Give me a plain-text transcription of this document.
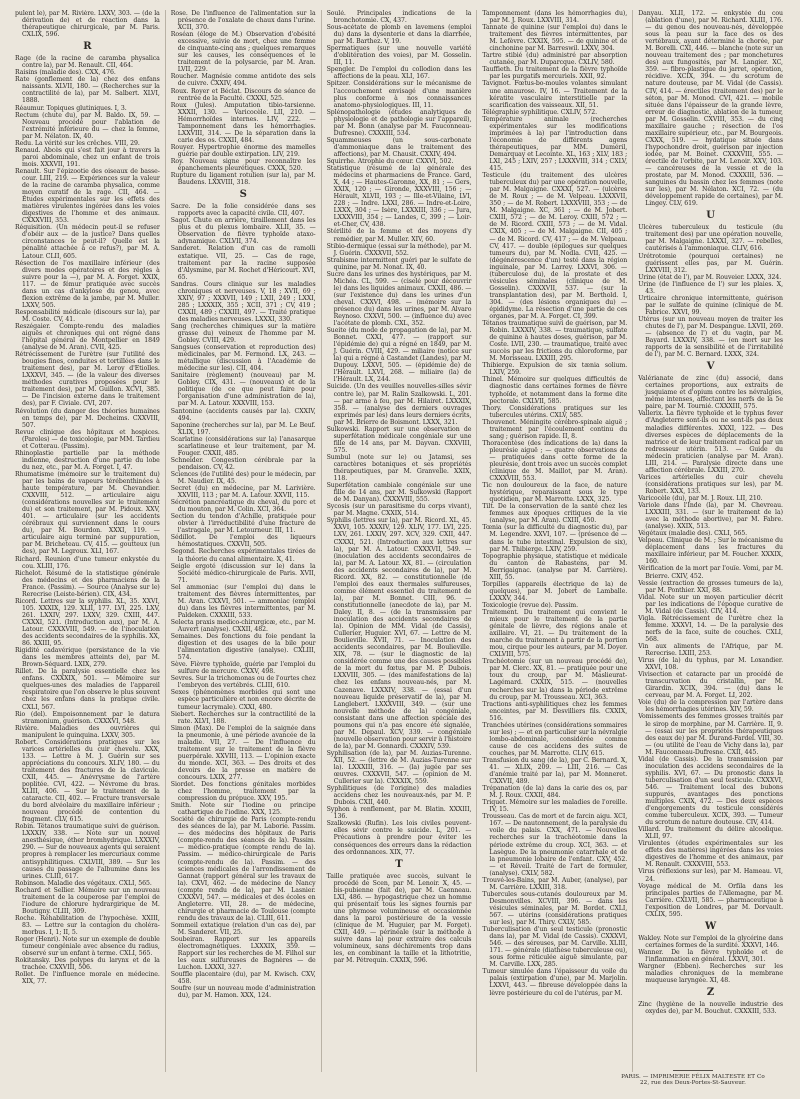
pulent le), par M. Rivière. LXXV, 303. — (de la dérivation de) et de réaction dans la thérapeutique chirurgicale, par M. Paris. CXLIX, 596.

R

Rage (de la racine de caramba physalica contre la), par M. Renault. CII, 464.

Raisins (maladie des). CXX, 476.

Rate (gonflement de la) chez des enfans naissants. XLVII, 180. — (Recherches sur la contractilité de la), par M. Salbert. XLVI, 1888.

Réaumur. Topiques glutiniques. I, 3.

Rectum (chute du), par M. Baldo. IX, 59. — Nouveau procédé pour l'ablation de l'extrémité inférieure du — chez la femme, par M. Nélaton. IX, 40.

Redu. La vérité sur les crêches. VIII, 29.

Renaud. Abcès qui s'est fait jour à travers la paroi abdominale, chez un enfant de trois mois. XXXVII, 191.

Renault. Sur l'épizootie des oiseaux de basse-cour. LIII, 219. — Expériences sur la valeur de la racine de caramba physalica, comme moyen curatif de la rage. CII, 464. — Études expérimentales sur les effets des matières virulentes ingérées dans les voies digestives de l'homme et des animaux. CXXXVIII, 353.

Réquisition. (Un médecin peut-il se refuser d'obéir aux — de la justice? Dans quelles circonstances le peut-il? Quelle est la pénalité attachée à ce refus?), par M. A. Latour. CLII, 605.

Résection de l'os maxillaire inférieur (des divers modes opératoires et des régles à suivre pour la —), par M. A. Forget. XXIX, 117. — de fémur pratiquée avec succès dans un cas d'ankylose du genou, avec flexion extrême de la jambe, par M. Muller. LXXV, 505.

Responsabilité médicale (discours sur la), par M. Coste. CV, 41.

Reszégaier. Compte-rendu des maladies aiguës et chroniques qui ont régné dans l'hôpital général de Montpellier en 1849 (analyse de M. Aran). CVII, 425.

Rétrécissement de l'urètre (sur l'utilité des bougies fines, conduites et tortillées dans le traitement des), par M. Leroy d'Etiolles. LXXXVI, 345. — (de la valeur des diverses méthodes curatives proposées pour le traitement des), par M. Guillon. XCVI, 385. — De l'incision externe dans le traitement des), par F. Civiale. CVI, 207.

Révolution (du danger des théories humaines en temps de), par M. Decheims. CXXVIII, 507.

Revue clinique des hôpitaux et hospices. (Paroles) — de toxicologie, par MM. Tardieu et Cotterau. (Passim).

Rhinoplastie partielle par la méthode indienne, destruction d'une partie du lobe du nez, etc., par M. A. Forget. I, 47.

Rhumatisme (mémoire sur le traitement du) par les bains de vapeurs térébenthinées à haute température, par M. Chevandier. CXXVIII, 512. — articulaire aigu (considérations nouvelles sur le traitement du) et son traitement, par M. Pidoux. XXV, 401. — articulaire (sur les accidents cérébraux qui surviennent dans le cours du), par M. Bourdon. XXXI, 119. — articulaire aigu terminé par suppuration, par M. Bricheteau. CV, 415. — goutteux (un des), par M. Legroux. XLI, 167.

Richard. Reunion d'une tumeur enkystée du cou. XLIII, 176.

Richelot. Résumé de la statistique générale des médecins et des pharmaciens de la France. (Passim). — Source (Analyse sur le) Rerecrise (Leiste-bérien). CIX, 434.

Ricord. Lettres sur la syphilis. XL, 35. XXVI, 105. XXXIX, 129. XLII, 177. LVI, 225. LXV, 261. LXXIV, 297. LXXV, 329. CXIII, 447. CXXXI, 521. (Introduction aux), par M. A. Latour. CXXXVIII, 549. — de l'inoculation des accidents secondaires de la syphilis. XX, 86. XXIII, 95.

Rigidité cadavérique (persistance de la vie dans les membres atteints de), par M. Brown-Séquard. LXIX, 279.

Rillet. De la paralysie essentielle chez les enfans. CXXXIX, 501. — Mémoire sur quelques-unes des maladies de l'appareil respiratoire que l'on observe le plus souvent chez les enfans dans la pratique civile. CXLI, 567.

Rio (del). Empoisonnement par le datura stramonium, guérison. CXXXVI, 548.

Rivière. Maladies des ouvrières qui manipulent le quinquina. LXXV, 305.

Robert. Considérations pratiques sur les varices artérielles du cuir chevelu. XXX, 133. — Lettre à M. J. Guérin sur ses appréciations du concours. XLIV, 180. — du traitement des fractures de la clavicule. CXII, 445. — Anévrysme de l'artère poplitée. CVI, 422. — Névrome du bras. XLIII, 406. — Sur le traitement de la cataracte. CII, 402. — Fracture transversale du bord alvéolaire du maxillaire inférieur ; nouveau procédé de contention du fragment. CLV, 615.

Robin. Tétanos traumatique suivi de guérison. LXXXIV, 338. — Note sur un nouvel anesthésique, éther bromhydrique. LXXXIV, 290. — Sur de nouveaux agents qui seraient propres à remplacer les mercuriaux comme antisyphilitiques. CXLVIII, 389. — Sur les causes du passage de l'albumine dans les urines. CLIII, 617.

Robinson. Maladie des végétaux. CXLI, 565.

Rochard et Sellier. Mémoire sur un nouveau traitement de la couperose par l'emploi de l'iodure de chlorure hydrargirique de M. Boutigny. CLIII, 309.

Roche. Réhabilitation de l'hypochèse. XXIII, 83. — Lettre sur la contagion du choléra-morbus. I, 1; II, 5.

Roger (Henri). Note sur un exemple de double tumeur congéniale avec absence du radius, observé sur un enfant à terme. CXLI, 565.

Rokitansky. Des polypes du larynx et de la trachée. CXXVIII, 506.

Rollet. De l'influence morale en médecine. XIX, 77.

Rose. De l'influence de l'alimentation sur la présence de l'oxalate de chaux dans l'urine. XCII, 370.

Roséan (éloge de M.) Observation d'obésité excessive, suivie de mort, chez une femme de cinquante-cinq ans ; quelques remarques sur les causes, les conséquences et le traitement de la polysarcie, par M. Aran. LVII, 229.

Roucher. Magnésie comme antidote des sels de cuivre. CXXIV, 494.

Roux. Royer et Béclat. Discours de séance de rentrée de la Faculté. CXXXI, 525.

Roux (Jules). Amputation tibio-tarsienne. XXXII, 130. — Varicocèle. LII, 210. — Hémorrhoïdes internes. LIV, 222. — Tamponnement dans les hémorrhagies. LXXVIII, 314. — De la séparation dans la carie des os. CXXII, 484.

Rouyer. Hypertrophie énorme des mamelles guérie par double extirpation. LIV, 219.

Roy. Nouveau signe pour reconnaître les épanchements pleurétiques. CXXX, 520.

Rupture du ligament rotulien (sur la), par M. Baudens. LXXVIII, 318.

S

Sacre. De la folie considérée dans ses rapports avec la capacité civile. CII, 407.

Sagot. Chute en arrière, tiraillement dans les plus et du plexus lombaire. XLII, 35. — Observation de fièvre typhoïde ataxo-adynamique. CXLVII, 374.

Sanderet. Relation d'un cas de ramolli extatique. VII, 25. — Cas de rage, traitement par la racine supposée d'Alysmine, par M. Rochet d'Héricourt. XVI, 65.

Sandras. Cours clinique sur les maladies chroniques et nerveuses. V, 18 ; XVII, 69 ; XXIV, 97 ; XXXVII, 149 ; LXII, 249 ; LXXI, 285 ; LXXXIX, 355 ; XCII, 371 ; CV, 419 ; CXXII, 489 ; CXXIII, 497. — Traité pratique des maladies nerveuses. LXXXI, 330.

Sang (recherches chimiques sur la matière grasse du) veineux de l'homme par M. Gobley. CVIII, 429.

Sangsues (conservation et reproduction des) médicinales, par M. Fermond. LX, 243. — métallique (discussion à l'Académie de médecine sur les). CII, 404.

Sanitaire (règlement) (nouveau) par M. Gobley. CIX, 431. — (nouveaux) et de la politique (de ce que peut faire pour l'organisation d'une administration de la), par M. A. Latour. XXXVIII, 153.

Santonine (accidents causés par la). CXXIV, 494.

Saponine (recherches sur la), par M. Le Beuf. XLIX, 197.

Scarlatine (considérations sur la) l'anasarque scarlatineuse et leur traitement, par M. Fouger. CXXII, 485.

Schneider. Congestion cérébrale par la pendaison. CV, 42.

Sciences (de l'utilité des) pour le médecin, par M. Naudier. IX, 45.

Secret (du) en médecine, par M. Larivière. XXVIII, 113 ; par M. A. Latour. XXVII, 115.

Sécrétion pancréatique du cheval, du porc et du mouton, par M. Colin. XCI, 364.

Section du tendon d'Achille, pratiquée pour obvier à l'irréductibilité d'une fracture de l'astragale, par M. Letourneur. III, 11.

Sédillot. De l'emploi des liqueurs hémostatiques. CXXVII, 505.

Segond. Recherches expérimentales tirées de la théorie du canal alimentaire. X, 41.

Seigle ergoté (discussion sur le) dans la Société médico-chirurgicale de Paris. XVII, 71.

Sel ammoniac (sur l'emploi du) dans le traitement des fièvres intermittentes, par M. Aran. CXXVI, 501. — ammoniac (emploi du) dans les fièvres intermittentes, par M. Paldeken. CXXXIII, 533.

Selecta praxis medico-chirurgicæ, etc., par M. Auvert (analyse). CXXII, 482.

Semaines. Des fonctions du foie pendant la digestion et des usages de la bile pour l'alimentation digestive (analyse). CXLIII, 574.

Sève. Fièvre typhoïde, guérie par l'emploi du sulfure de mercure. CXXV, 498.

Sevres. Sur la trichomonas ou de l'ourtes chez l'embryon des vertébrés. CLIII, 610.

Sexes (phénomènes morbides qui sont une espèce particulière et non encore décrite de tumeur lacrymale). CXXI, 480.

Siebert. Recherches sur la contractilité de la rate. XLVI, 188.

Simon (Max). De l'emploi de la saignée dans la pneumonie, à une période avancée de la maladie. VII, 27. — De l'influence du traitement sur le traitement de la fièvre puerpérale. XXVIII, 113. — L'opinion exacte du monde. XCI, 363. — Des droits et des devoirs de la presse en matière de concours. LXIX, 277.

Siordet. Des fonctions génitales morbides chez l'homme, traitement par la compression du prépuce. XXV, 195.

Smith. Note sur l'iodine ou principe cathartique de l'iodine. XXX, 125.

Société de chirurgie de Paris (compte-rendu des séances de la), par M. Laborie. Passim. — des médecins des hôpitaux de Paris (compte-rendu des séances de la). Passim. — médico-pratique (compte rendu de la). Passim. — médico-chirurgicale de Paris (compte-rendu de la). Passim. — des sciences médicales de l'arrondissement de Gannat (rapport général sur les travaux de la). CXVI, 462. — de médecine de Nancy (compte rendu de la), par M. Lasnier. CXXXVI, 547. — médicales et des écoles en Angleterre. VII, 28. — de médecine, chirurgie et pharmacie de Toulouse (compte rendu des travaux de la). CLIII, 611.

Sommeil extatique (relation d'un cas de), par M. Sanderet. VII, 25.

Soubeiran. Rapport sur les appareils électromagnétiques. LXXXIX, 359. — Rapport sur les recherches de M. Filhol sur les eaux sulfureuses de Bagnères — de Luchon. LXXXI, 327.

Souffle placentaire (du), par M. Kwisch. CXV, 458.

Soufre (sur un nouveau mode d'administration du), par M. Hamon. XXX, 124.

Soulé. Principales indications de la bronchotomie. CX, 437.

Sous-acétate de plomb en lavemens (emploi du) dans la dysenterie et dans la diarrhée, par M. Barthez. V, 19.

Spermatiques (sur une nouvelle variété d'oblitération des voies), par M. Gosselin. III, 11.

Spengler. De l'emploi du collodion dans les affections de la peau. XLI, 167.

Spitzer. Considérations sur le mécanisme de l'accouchement envisagé d'une manière plus conforme à nos connaissances anatomo-physiologiques. III, 11.

Splénopathologie (études analytiques de physiologie et de pathologie sur l'appareil), par M. Bonn (analyse par M. Fauconneau-Dufresne). CXXXIII, 534.

Squammeuses (un sous-carbonate d'ammoniaque dans le traitement des affections), par M. Chausit. CXXIV, 494.

Squirrhe. Atrophie du cœur. CXXVI, 502.

Statistique (résumé de la) générale des médecins et pharmaciens de France. Gard, X, 44 ; — Hautes-Garonne, XX, 81 ; — Gers, XXIX, 120 ; — Gironde, XXXVIII, 156 ; — Hérault, XLVII, 193 ; — Ille-et-Vilaine, LVI, 228 ; — Indre. LXXI, 286. — Indre-et-Loire, LXXX, 304 ; — Isère, LXXXIII, 336 ; — Jura, LXXXVIII, 354 ; — Landes, C, 399 ; — Loir-et-Cher, CV, 438.

Stérilité de la femme et des moyens d'y remédier, par M. Muller. XIV, 60.

Stibio-dermique (essai sur la méthode), par M. J. Guérin. CXXXVII, 552.

Strabisme intermittent guéri par le sulfate de quinine, par M. Nonat. IX, 40.

Sucre dans les urines des hystériques, par M. Michéa. CL, 599. — (ciselé pour découvrir le) dans les liquides animaux. CXXII, 486. — (sur l'existence du) dans les urines d'un cheval. CXXVI, 498. — (mémoire sur la présence du) dans les urines, par M. Alvaro Reynoso. CXXVI, 500. — (influence du) avec l'acétate de plomb. CXL, 352.

Sueite (du mode de propagation de la), par M. Bonnet. CXXI, 477. — (rapport sur l'épidémie de) qui a régné en 1849, par M. J. Guérin. CVIII, 429. — miliaire (notice sur la) qui a régné à Castandet (Landes), par M. Dupouy. LXXVI, 505. — (épidémie de) de l'Hérault. LXVI, 268. — miliaire (la) de l'Hérault. LX, 244.

Suicide. (Un des veuilles nouvelles-silles sévir contre le), par M. Ralin Szalkowski. L, 201. — par arme à feu, par M. Hilairet. LXXXIX, 358. — (analyse des derniers ouvrages exprimés par les) dans leurs derniers écrits, par M. Brierre de Boismont. LXXX, 321.

Sulkowski. Rapport sur une observation de superfétation médicale congéniale sur une fille de 14 ans, par M. Dayvan. CXXVIII, 575.

Sumbul (note sur le) ou Jatamsi, ses caractères botaniques et ses propriétés thérapeutiques, par M. Granvelle. XXIX, 118.

Superfétation cambiale congéniale sur une fille de 14 ans, par M. Sulkowski (Rapport de M. Danyan). CXXXVIII, 555.

Sycosis (sur un parasitisme du corps vivant), par M. Magne. CXXIX, 514.

Syphilis (lettres sur la), par M. Ricord. XL, 45. XXVI, 105. XXXIV, 129. XLIV, 177. LVI, 225. LXV, 261. LXXIV, 297. XCV, 329. CXII, 447. CXXXI, 521. (Introduction aux lettres sur la), par M. A. Latour. CXXXVII, 549. — (inoculation des accidents secondaires de la), par M. A. Latour. XX, 81. — (circulation des accidents secondaires de la), par M. Ricord. XX, 82. — constitutionnelle (de l'emploi des eaux thermales sulfureuses, comme élément essentiel du traitement de la), par M. Bonnet. CIII, 96. — constitutionnelle (anecdote de la), par M. Daley. II, 8. — (de la transmission par inoculation des accidents secondaires de la). Opinion de MM. Vidal (de Cassis), Cullerier, Huguier. XVI, 67. — Lettre de M. Boulieville. XVII, 71. — Inoculation des accidents secondaires, par M. Boulieville. XIX, 78. — (sur le diagnostic de la) considérée comme une des causes possibles de la mort du fœtus, par M. P. Dubois. LXXVIII, 305. — (des manifestations de la) chez les enfans nouveau-nés, par M. Cazenave. LXXXIV, 338. — (essai d'un nouveau liquide préservatif de la), par M. Langlebert. LXXXVIII, 349. — (sur une nouvelle méthode de la) congéniale, consistant dans une affection spéciale des poumons qui n'a pas encore été signalée, par M. Depaul. XCV, 339. — congéniale (nouvelle observation pour servir à l'histoire de la), par M. Gonnardi. CXXXIV, 539.

Syphilisation (de la), par M. Auzias-Turenne. XII, 52. — (lettre de M. Auzias-Turenne sur la). LXXXIII, 316. — (la) jugée par ses œuvres. CXXXVII, 547. — (opinion de M. Cullerier sur la). CXXXIX, 559.

Syphilitiques (de l'origine) des maladies accidens chez les nouveaux-nés, par M. P. Dubois. CXII, 440.

Syphon à renflement, par M. Blatin. XXXIII, 136.

Szalkowski (Rufin). Les lois civiles peuvent-elles sévir contre le suicide. L, 201. — Précautions à prendre pour éviter les conséquences des erreurs dans la rédaction des ordonnances. XIX, 77.

T

Taille pratiquée avec succès, suivant le procédé de Scen, par M. Lenoir. X, 45. — bis-pubienne (fait de), par M. Caenneau. LXI, 486. — hypogastrique chez un homme qui présentait tous les signes fournis par une phymose volumineuse et occasionnée dans la paroi postérieure de la vessie (clinique de M. Huguier, par M. Forget). CXII, 449. — périnéale (sur la méthode à suivre dans la) pour extraire des calculs volumineux, sans déchirements trop dans les, en combinant la taille et la lithotritie, par M. Pétrequin. CXXIX, 596.

Tamponnement (dans les hémorrhagies du), par M. J. Roux. LXXVIII, 314.

Tannate de quinine (sur l'emploi du) dans le traitement des fièvres intermittentes, par M. Lefèvre. CXXIX, 595. — de quinine et de cinchonine par M. Barreswil. LXXV, 304.

Tartre stibié (du) administré par absorption cutanée, par M. Duparcque. CXLIV, 580.

Tauffieth. Du traitement de la fièvre typhoïde par les purgatifs mercuriels. XXII, 92.

Tavignot. Fœtus-bo-moules volantes simulant une amaurose. IV, 16. — Traitement de la kératite vasculaire interstitielle par la scarification des vaisseaux. XII, 51.

Télégraphie syphilitique. CXLIV, 572.

Température animale (recherches expérimentales sur les modifications imprimées à la) par l'introduction dans l'économie de différents agens thérapeutiques, par MM. Duméril, Demarquay et Lecointe. XL, 163 ; XLV, 183 ; LXI, 245 ; LXIV, 257 ; LXXXVIII, 314 ; CXLV, 415.

Testicule (du traitement des ulcères tuberculeux du) par une opération nouvelle, par M. Malgaigne. CXXXI, 527. — (ulcères de M. Roux ; — de M. Velpeau. LXXXVII, 350 ; — de M. Robert. LXXXVIII, 353 ; — de M. Malgaigne. XC, 361 ; — de M. Jobert. CXIII, 572 ; — de M. Leroy. CXIII, 572 ; — de M. Ricord. CXIII, 573 ; — de M. Vidal. CXIX, 405 ; — de M. Malgaigne. CII, 405 ; — de M. Ricord. CV, 417 ; — de M. Velpeau. CV, 417. — double (épilogues sur quelques tumeurs du), par M. Nodla. CVII, 425. — (dégénérescence d'un) testé dans la région inguinale, par M. Larrey. LXXVI, 306. — (tuberculose du), de la prostate et des vésicules séminales (clinique de M. Gosselin). CXXXVII, 537. — (sur la transplantation des), par M. Berthold. I, 304. — (des lésions organiques du) — épididyme. La résection d'une partie de ces organes, par M. A. Forget. CI, 399.

Tétanos traumatique suivi de guérison, par M. Robin. LXXXIV, 338. — traumatique, sulfate de quinine à hautes doses, guérison, par M. Coste. LVII, 230. — traumatique, traité avec succès par les frictions du chloroforme, par M. Morisseau. LXXIII, 295.

Thibierge. Expulsion de six tænia solium. LXIV, 259.

Thinel. Mémoire sur quelques difficultés de diagnostic dans certaines formes de fièvre typhoïde, et notamment dans la forme dite pectorale. CXLVII, 585.

Thory. Considérations pratiques sur les tubercules utérins. CXLV, 585.

Thouvenet. Méningite cérébro-spinale aiguë ; traitement par l'écoulement continu du sang ; guérison rapide. II, 8.

Thoracentèse (des indications de la) dans la pleurésie aiguë ; — quatre observations de — pratiquées dans cette forme de la pleurésie, dont trois avec un succès complet (clinique de M. Maillot, par M. Aran). CXXXVIII, 553.

Tic non douloureux de la face, de nature hystérique, reparaissant sous le type quotidien, par M. Marrotte. LXXX, 325.

Tilt. De la conservation de la santé chez les femmes aux époques critiques de la vie (analyse, par M. Aran). CXIII, 450.

Tœnia (sur la difficulté du diagnostic du), par M. Legendre. XXVI, 107. — (présence de — dans le tube intestinal. Expulsion de six), par M. Thibierge. LXIV, 259.

Topographie physique, statistique et médicale du canton de Rabastens, par M. Berrigaignac. (analyse par M. Carrière). XIII, 55.

Torpilles (appareils électrique de la) de quelques), par M. Jobert de Lamballe. LXXXV, 344.

Toxicologie (revue de). Passim.

Traitement. Du traitement qui convient le mieux pour le traitement de la partie génitale de lièvre, des régions anale et axillaire. VI, 21. — Du traitement de la marche du traitement à partir de la portion mou, cirque pour les auteurs, par M. Doyer. CXLVIII, 575.

Trachéotomie (sur un nouveau procédé de), par M. Clerc. XX, 81. — pratiquée pour une toux du croup, par M. Maslieurat-Lagémard. CXXIX, 515. — (nouvelles recherches sur la) dans la période extrême du croup, par M. Trousseau. XCI, 363.

Tractions anti-syphilitiques chez les femmes enceintes, par M. Desvilliers fils. CXXIX, 516.

Tranchées utérines (considérations sommaires sur les) ; — et en particulier sur la névralgie lombo-abdominale, considérée comme cause de ces accidens des suites de couches, par M. Marrotte. CLIV, 615.

Transfusion du sang (de la), par C. Bernard. X, 41. — XLIX, 209. — LIII, 216. — Cas d'anémie traité par la), par M. Monneret. CXXVII, 489.

Trépanation (de la) dans la carie des os, par M. J. Roux. CXXII, 484.

Triquet. Mémoire sur les maladies de l'oreille. IV, 15.

Trousseau. Cas de mort et de farcin aigu. XCI, 167. — De nautonnement, de la paralysie du voile du palais. CXX, 471. — Nouvelles recherches sur la trachéotomie dans la période extrême du croup. XCI, 363. — et Lasègue. De la pneumonie catarrhale et de la pneumonie lobaire de l'enfant. CXV, 452. — et Réveil. Traité de l'art de formuler, (analyse). CXLV, 582.

Trouvé-les-Bains, par M. Auber, (analyse), par M. Carrière. LXXIII, 318.

Tubercules sous-cutanés douloureux par M. Desmonvilles. XCVIII, 396. — dans les vésicules séminales, par M. Bordet. CXLI, 567. — utérins (considérations pratiques sur les), par M. Thiry. CXLV, 585.

Tuberculisation d'un seul testicule (pronostic dans la), par M. Vidal (de Cassis). CXXXVI, 546. — des séreuses, par M. Carville. XLIII, 171. — générale (diathèse tuberculeuse ou), sous forme réticulée aiguë simulante, par M. Carville. LXX, 285.

Tumeur simulée dans l'épaisseur du voile du palais (extirpation d'une), par M. Marjolin. LXXVI, 443. — fibreuse développée dans la lèvre postérieure du col de l'utérus, par M.

Danyau. XLII, 172. — enkystée du cou (ablation d'une), par M. Richard. XLIII, 176. — du genou des nouveau-nés, développée sous la peau sur la face des os des vertébraux, ayant déterminé la chorée, par M. Borelli. CXI, 446. — blanche (note sur un nouveau traitement des ; par monchetures des) aux fungosités, par M. Langier. XC, 359. — fibro-plastique du jarret, opération, récidive. XCIX, 394. — du scrotum de nature douteuse, par M. Vidal (de Cassis). CIV, 414. — érectiles (traitement des) par le séton, par M. Monod. CVI, 421. — mobile située dans l'épaisseur de la grande lèvre, erreur de diagnostic, ablation de la tumeur, par M. Gosselin. CXVIII, 353. — du cinq maxillaire gauche ; résection de l'os maxillaire supérieur, etc., par M. Bourgeois. CXXX, 519. — hydatique située dans l'hypochondre droit, guérison par injection iodée, par M. Boinet. CXXXVIII, 555. — érectile de l'orbite, par M. Lenoir. XXV, 103. — cancéreuses de la vessie et de la prostate, par M. Monod. CXXXIII, 536. — sanguines du bassin chez les femmes (note sur les), par M. Nélaton. XCI, 72. — (du développement rapide de certaines), par M. Lingey. CLV, 619.

U

Ulcères tuberculeux du testicule (du traitement des) par une opération nouvelle, par M. Malgaigne. LXXXI, 327. — rebelles, cautérisés à l'ammoniaque. CLIV, 616.

Urétrotomie (pourquoi certaines) ne guérissent elles pas, par M. Guérin. LXXVIII, 312.

Urine (état de l'), par M. Rouveier. LXXX, 324.

Urine (de l'influence de l') sur les plaies. X, 43.

Urticaire chronique intermittente, guérison par le sulfate de quinine (clinique de M. Fabrice. XXVI, 99.

Utérus (sur un nouveau moyen de traiter les chutes de l'), par M. Despangue. LXVII, 269. — (absence de l') et du vagin, par M. Bayard. LXXXIV, 338. — (en mort sur les rapports de la sensibilité et de l'irritabilité de l'), par M. C. Bernard. LXXX, 324.

V

Valérianate de zinc (du) associé, dans certaines proportions, aux extraits de jusquiame et d'opium contre les névralgies, même intenses, affectant les nerfs de la 5e paire, par M. Tournié. CXXXIII, 575.

Vallerix. La fièvre typhoïde et le typhus fever d'Angleterre sont-ils ou ne sont-ils pas deux maladies différentes. XXXI, 122. — Des diverses espèces de déplacements de la matrice et de leur traitement radical par un redresseur utérin. 513. — Guide du médecin praticien (analyse par M. Aran). LIII, 214. — Paralysie directe dans une affection cérébrale. LXXIII, 270.

Varices artérielles du cuir chevelu (considérations pratiques sur les), par M. Robert. XXX, 133.

Varicocèle (du), par M. J. Roux. LII, 210.

Variole dans l'Inde (la), par M. Chevreau. LXXXIII, 331. — (sur le traitement de la) avec la méthode abortive), par M. Fabre. (analyse). XXIX, 513.

Végétaux (maladie des). CXLI, 565.

Velpeau. Clinique de M. ; Sur le mécanisme du déplacement dans les fractures du maxillaire inférieur, par M. Foucher. XXXIX, 160.

Vérification de la mort par l'ouïe. Vomi, par M. Brierre. CXIV, 452.

Vessie (extraction de grosses tumeurs de la), par M. Ponthier. XXI, 88.

Vidal. Note sur un moyen particulier décrit par les indications de l'époque curative de M. Vidal (de Cassis). CIV, 414.

Vigla. Rétrécissement de l'urètre chez la femme. XXXVI, 14. — De la paralysie des nerfs de la face, suite de couches. CXLI, 568.

Vin aux aliments de l'Afrique, par M. Rerecrise. LXIII, 253.

Virus (de la) du typhus, par M. Loxandier. XXVI, 108.

Vivisection et cataracte par un procédé de transcurvation du cristallin, par M. Girardin. XCIX, 394. — (du) dans le cerveau, par M. A. Forget. LI, 202.

Voie (du) de la compression par l'artère dans les hémorrhagies utérines. XIV, 59.

Vomissements des femmes grosses traités par le sirop de morphine, par M. Carrière. II, 9. — (essai sur les propriétés thérapeutiques des eaux de) par M. Durand-Fardel. VIII, 30. — (ou utilité de l'eau de Vichy dans la), par M. Fauconneau-Dufresne. CXII, 445.

Vidal (de Cassis). De la transmission par inoculation des accidens secondaires de la syphilis. XVI, 67. — Du pronostic dans la tuberculisation d'un seul testicule. CXXXVI, 546. — Traitement local des bubons suppurés, avantages des ponctions multiples. CXIX, 472. — Des deux espèces d'engorgements du testicule considérés comme tuberculeux. XCIX, 393. — Tumeur du scrotum de nature douteuse. CIV, 414.

Villard. Du traitement du délire alcoolique. XLII, 97.

Virulentes (études expérimentales sur les effets des matières) ingérées dans les voies digestives de l'homme et des animaux, par M. Renault. CXXXVIII, 553.

Virus (réflexions sur les), par M. Hameau. VI, 24.

Voyage médical de M. Orfila dans les principales parties de l'Allemagne, par M. Carrière. CXLVII, 585. — pharmaceutique à l'exposition de Londres, par M. Dorvault. CXLIX, 595.

W

Wakley. Note sur l'emploi de la glycérine dans certaines formes de la surdité. XXXVI, 146.

Wanner. De la fièvre typhoïde et de l'inflammation en général. LXXVI, 301.

Wargner (Ebben). Recherches sur les maladies chroniques de la membrane muqueuse laryngée. XI, 48.

Z

Zinc (hygiène de la nouvelle industrie des oxydes de), par M. Bouchut. CXXXIII, 533.

PARIS. — IMPRIMERIE FÉLIX MALTESTE ET Co
22, rue des Deux-Portes-St-Sauveur.
